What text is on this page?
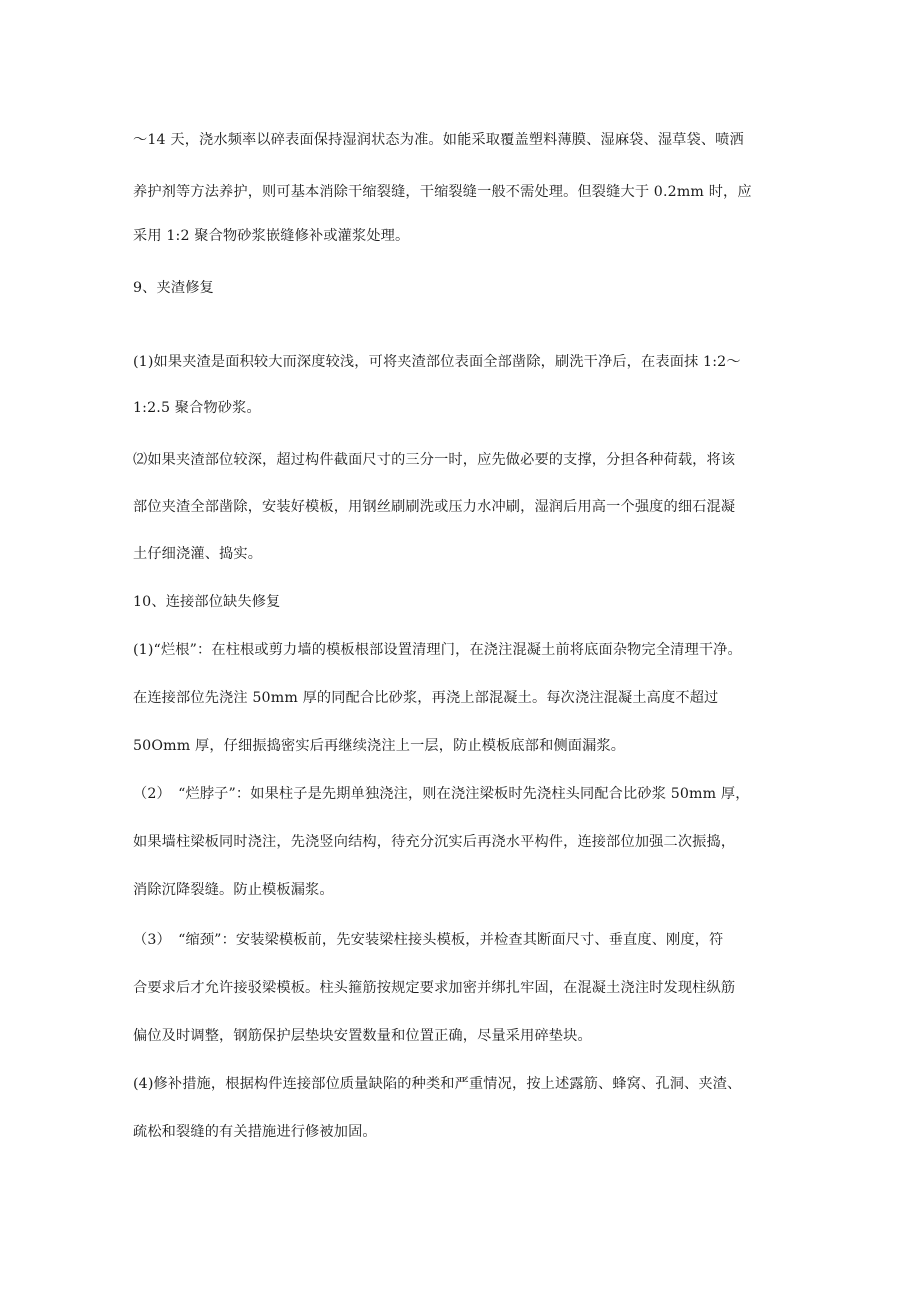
～14 天，浇水频率以碎表面保持湿润状态为准。如能采取覆盖塑料薄膜、湿麻袋、湿草袋、喷洒
养护剂等方法养护，则可基本消除干缩裂缝，干缩裂缝一般不需处理。但裂缝大于 0.2mm 时，应
采用 1:2 聚合物砂浆嵌缝修补或灌浆处理。
9、夹渣修复
(1)如果夹渣是面积较大而深度较浅，可将夹渣部位表面全部凿除，刷洗干净后，在表面抹 1:2～
1:2.5 聚合物砂浆。
⑵如果夹渣部位较深，超过构件截面尺寸的三分一时，应先做必要的支撑，分担各种荷载，将该
部位夹渣全部凿除，安装好模板，用钢丝刷刷洗或压力水冲刷，湿润后用高一个强度的细石混凝
土仔细浇灌、捣实。
10、连接部位缺失修复
(1)“烂根”：在柱根或剪力墙的模板根部设置清理门，在浇注混凝土前将底面杂物完全清理干净。
在连接部位先浇注 50mm 厚的同配合比砂浆，再浇上部混凝土。每次浇注混凝土高度不超过
50Omm 厚，仔细振捣密实后再继续浇注上一层，防止模板底部和侧面漏浆。
（2）　“烂脖子”：如果柱子是先期单独浇注，则在浇注梁板时先浇柱头同配合比砂浆 50mm 厚，
如果墙柱梁板同时浇注，先浇竖向结构，待充分沉实后再浇水平构件，连接部位加强二次振捣，
消除沉降裂缝。防止模板漏浆。
（3）　“缩颈”：安装梁模板前，先安装梁柱接头模板，并检查其断面尺寸、垂直度、刚度，符
合要求后才允许接驳梁模板。柱头箍筋按规定要求加密并绑扎牢固，在混凝土浇注时发现柱纵筋
偏位及时调整，钢筋保护层垫块安置数量和位置正确，尽量采用碎垫块。
(4)修补措施，根据构件连接部位质量缺陷的种类和严重情况，按上述露筋、蜂窝、孔洞、夹渣、
疏松和裂缝的有关措施进行修被加固。
